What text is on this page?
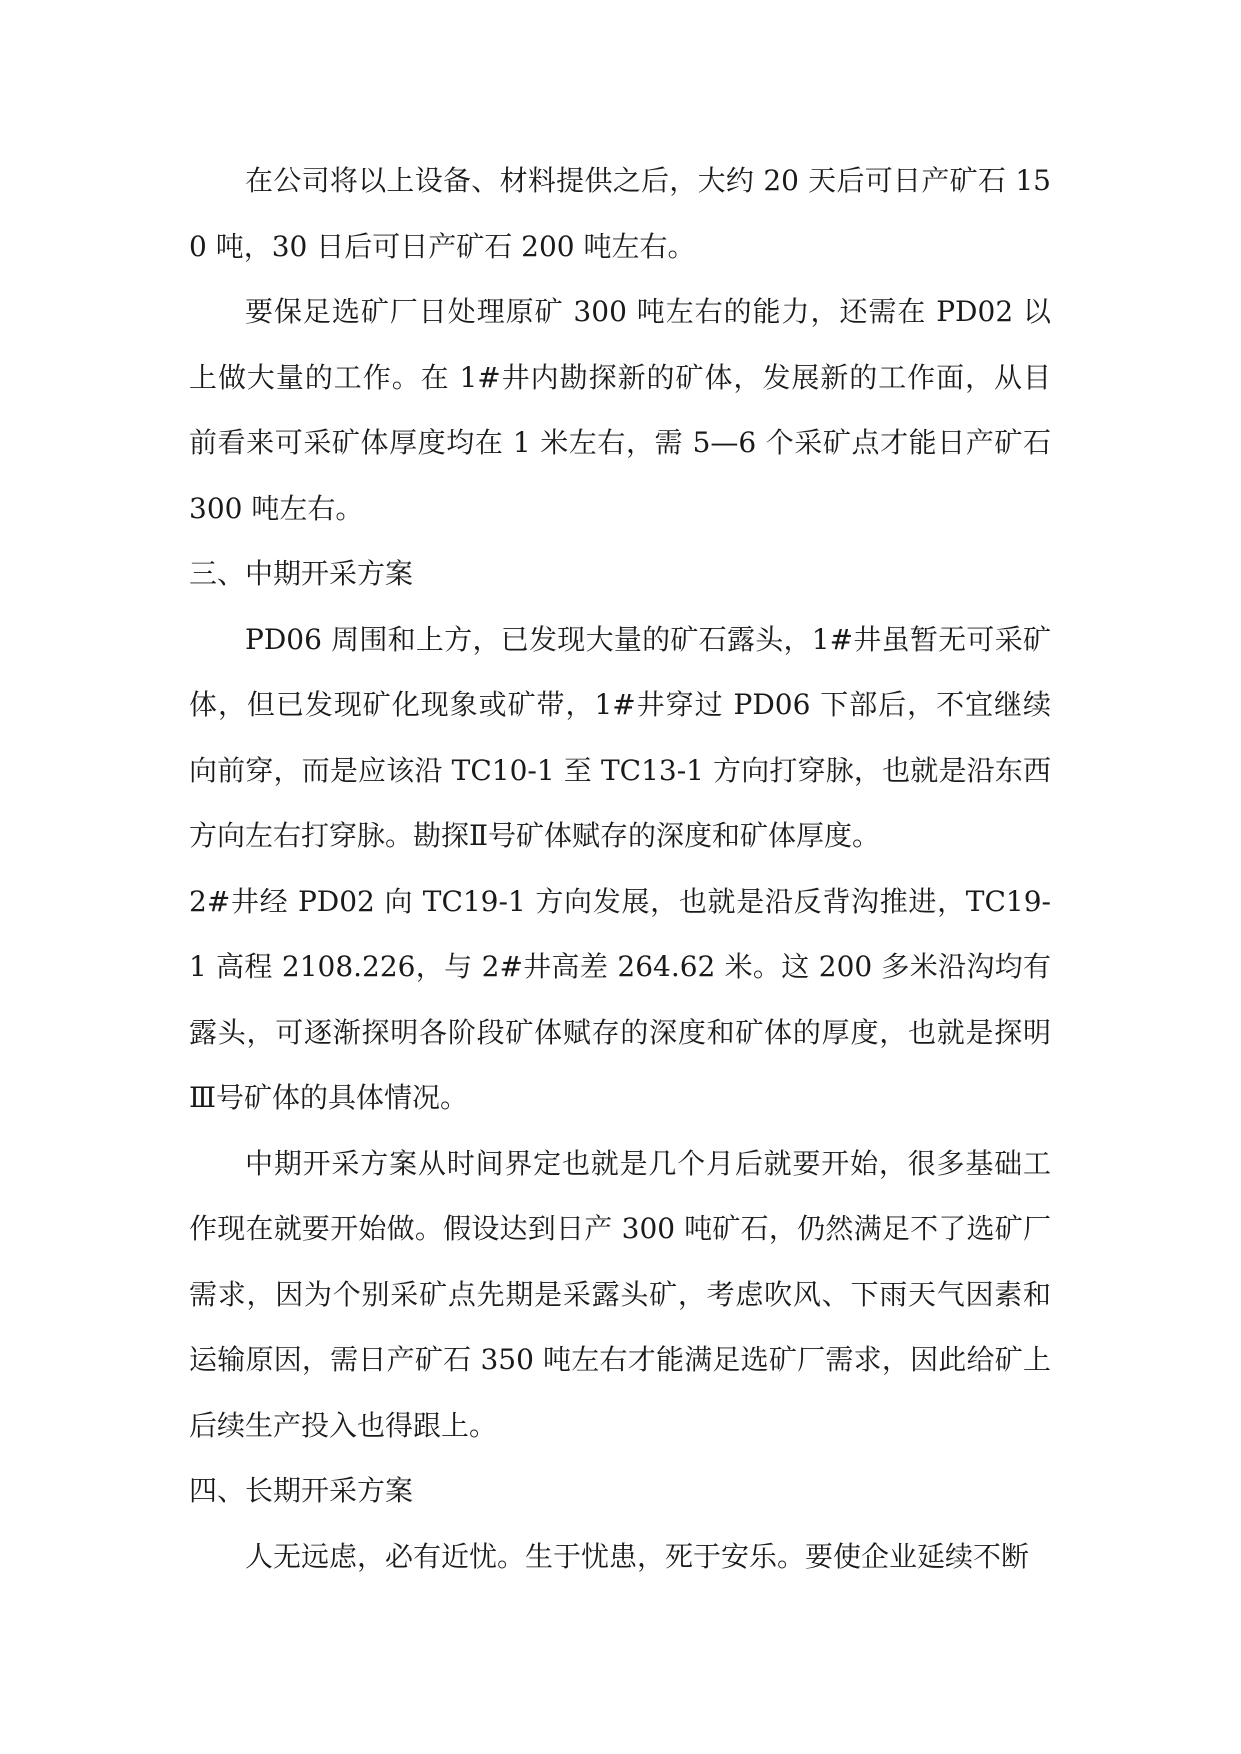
在公司将以上设备、材料提供之后，大约 20 天后可日产矿石 150 吨，30 日后可日产矿石 200 吨左右。

要保足选矿厂日处理原矿 300 吨左右的能力，还需在 PD02 以上做大量的工作。在 1#井内勘探新的矿体，发展新的工作面，从目前看来可采矿体厚度均在 1 米左右，需 5—6 个采矿点才能日产矿石 300 吨左右。

三、中期开采方案

PD06 周围和上方，已发现大量的矿石露头，1#井虽暂无可采矿体，但已发现矿化现象或矿带，1#井穿过 PD06 下部后，不宜继续向前穿，而是应该沿 TC10-1 至 TC13-1 方向打穿脉，也就是沿东西方向左右打穿脉。勘探Ⅱ号矿体赋存的深度和矿体厚度。

2#井经 PD02 向 TC19-1 方向发展，也就是沿反背沟推进，TC19-1 高程 2108.226，与 2#井高差 264.62 米。这 200 多米沿沟均有露头，可逐渐探明各阶段矿体赋存的深度和矿体的厚度，也就是探明Ⅲ号矿体的具体情况。

中期开采方案从时间界定也就是几个月后就要开始，很多基础工作现在就要开始做。假设达到日产 300 吨矿石，仍然满足不了选矿厂需求，因为个别采矿点先期是采露头矿，考虑吹风、下雨天气因素和运输原因，需日产矿石 350 吨左右才能满足选矿厂需求，因此给矿上后续生产投入也得跟上。

四、长期开采方案

人无远虑，必有近忧。生于忧患，死于安乐。要使企业延续不断
